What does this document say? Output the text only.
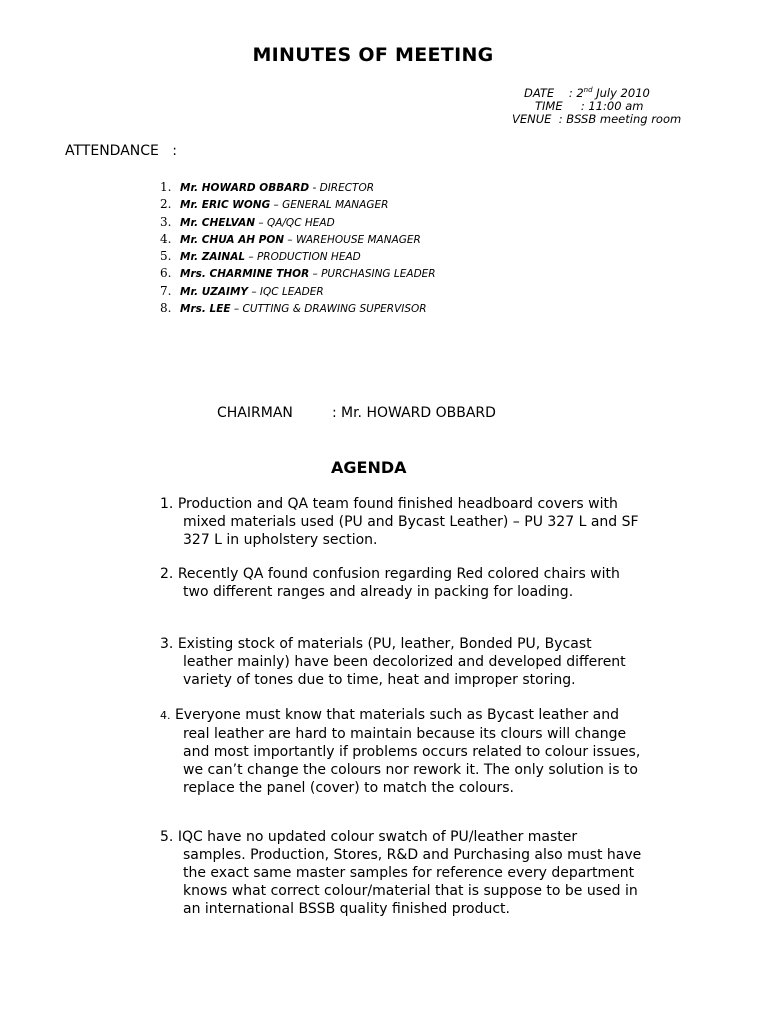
MINUTES OF MEETING
DATE : 2nd July 2010
TIME : 11:00 am
VENUE : BSSB meeting room
ATTENDANCE   :
1. Mr. HOWARD OBBARD - DIRECTOR
2. Mr. ERIC WONG – GENERAL MANAGER
3. Mr. CHELVAN – QA/QC HEAD
4. Mr. CHUA AH PON – WAREHOUSE MANAGER
5. Mr. ZAINAL – PRODUCTION HEAD
6. Mrs. CHARMINE THOR – PURCHASING LEADER
7. Mr. UZAIMY – IQC LEADER
8. Mrs. LEE – CUTTING & DRAWING SUPERVISOR
CHAIRMAN	: Mr. HOWARD OBBARD
AGENDA
1. Production and QA team found finished headboard covers with
mixed materials used (PU and Bycast Leather) – PU 327 L and SF
327 L in upholstery section.
2. Recently QA found confusion regarding Red colored chairs with
two different ranges and already in packing for loading.
3. Existing stock of materials (PU, leather, Bonded PU, Bycast
leather mainly) have been decolorized and developed different
variety of tones due to time, heat and improper storing.
4. Everyone must know that materials such as Bycast leather and
real leather are hard to maintain because its clours will change
and most importantly if problems occurs related to colour issues,
we can’t change the colours nor rework it. The only solution is to
replace the panel (cover) to match the colours.
5. IQC have no updated colour swatch of PU/leather master
samples. Production, Stores, R&D and Purchasing also must have
the exact same master samples for reference every department
knows what correct colour/material that is suppose to be used in
an international BSSB quality finished product.
